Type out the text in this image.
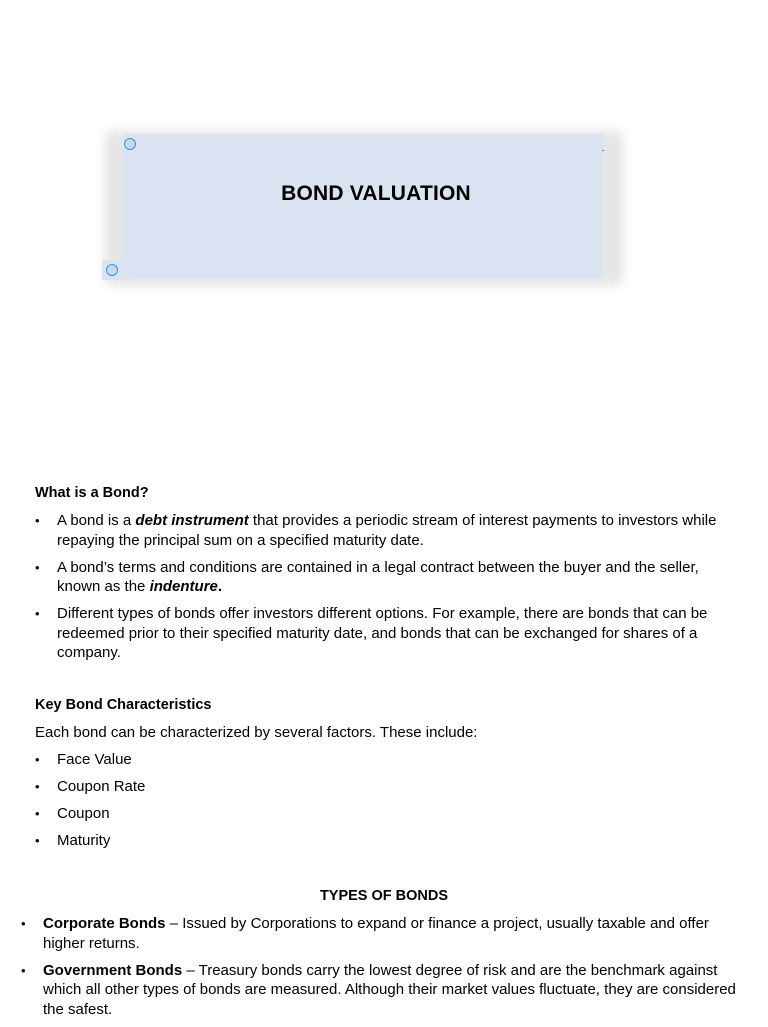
BOND VALUATION
What is a Bond?
• A bond is a debt instrument that provides a periodic stream of interest payments to investors while repaying the principal sum on a specified maturity date.
• A bond’s terms and conditions are contained in a legal contract between the buyer and the seller, known as the indenture.
• Different types of bonds offer investors different options. For example, there are bonds that can be redeemed prior to their specified maturity date, and bonds that can be exchanged for shares of a company.
Key Bond Characteristics
Each bond can be characterized by several factors. These include:
• Face Value
• Coupon Rate
• Coupon
• Maturity
TYPES OF BONDS
• Corporate Bonds – Issued by Corporations to expand or finance a project, usually taxable and offer higher returns.
• Government Bonds – Treasury bonds carry the lowest degree of risk and are the benchmark against which all other types of bonds are measured. Although their market values fluctuate, they are considered the safest.
